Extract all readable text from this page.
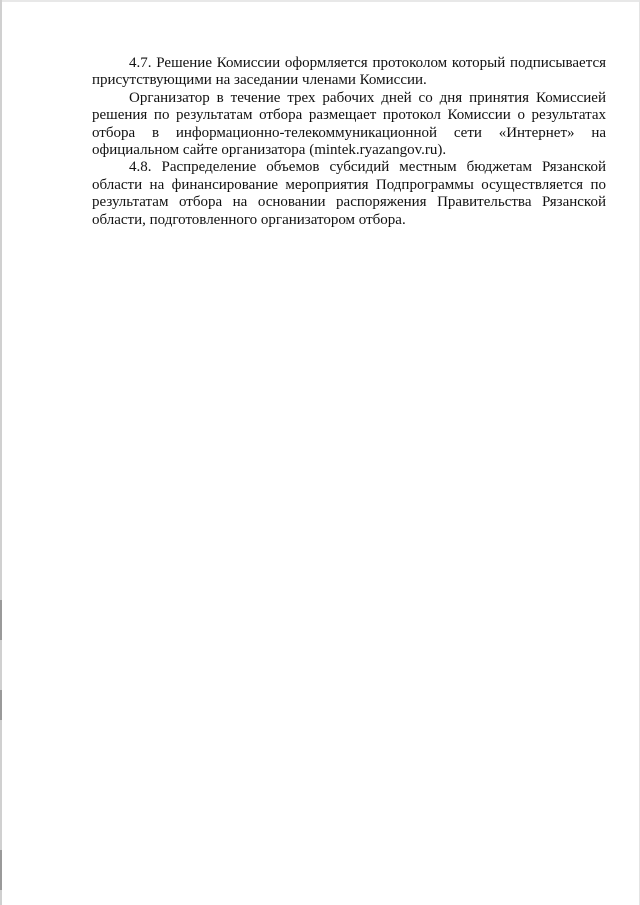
4.7. Решение Комиссии оформляется протоколом который подписывается присутствующими на заседании членами Комиссии.

Организатор в течение трех рабочих дней со дня принятия Комиссией решения по результатам отбора размещает протокол Комиссии о результатах отбора в информационно-телекоммуникационной сети «Интернет» на официальном сайте организатора (mintek.ryazangov.ru).

4.8. Распределение объемов субсидий местным бюджетам Рязанской области на финансирование мероприятия Подпрограммы осуществляется по результатам отбора на основании распоряжения Правительства Рязанской области, подготовленного организатором отбора.
